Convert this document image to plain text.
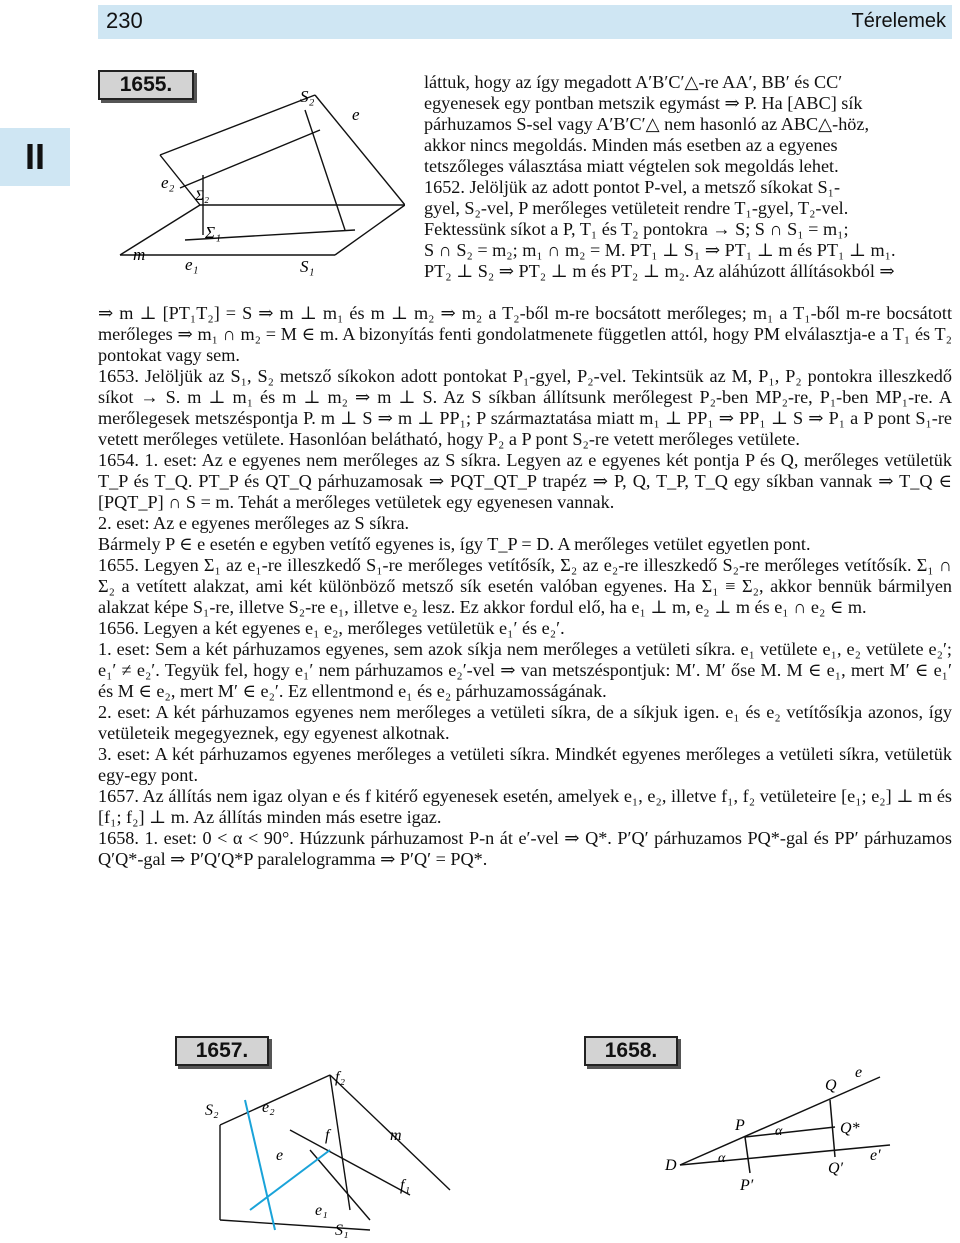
230	Térelemek
II
1655.
S₂
e
e₂
Σ₂
Σ₁
m
e₁	S₁

láttuk, hogy az így megadott A′B′C′△-re AA′, BB′ és CC′

egyenesek egy pontban metszik egymást ⇒ P. Ha [ABC] sík

párhuzamos S-sel vagy A′B′C′△ nem hasonló az ABC△-höz,

akkor nincs megoldás. Minden más esetben az a egyenes

tetszőleges választása miatt végtelen sok megoldás lehet.

1652. Jelöljük az adott pontot P-vel, a metsző síkokat S₁-

gyel, S₂-vel, P merőleges vetületeit rendre T₁-gyel, T₂-vel.

Fektessünk síkot a P, T₁ és T₂ pontokra → S; S ∩ S₁ = m₁;

S ∩ S₂ = m₂; m₁ ∩ m₂ = M. PT₁ ⊥ S₁ ⇒ PT₁ ⊥ m és PT₁ ⊥ m₁.

PT₂ ⊥ S₂ ⇒ PT₂ ⊥ m és PT₂ ⊥ m₂. Az aláhúzott állításokból ⇒

⇒ m ⊥ [PT₁T₂] = S ⇒ m ⊥ m₁ és m ⊥ m₂ ⇒ m₂ a T₂-ből m-re bocsátott merőleges; m₁ a T₁-ből m-re bocsátott merőleges ⇒ m₁ ∩ m₂ = M ∈ m. A bizonyítás fenti gondolatmenete független attól, hogy PM elválasztja-e a T₁ és T₂ pontokat vagy sem.

1653. Jelöljük az S₁, S₂ metsző síkokon adott pontokat P₁-gyel, P₂-vel. Tekintsük az M, P₁, P₂ pontokra illeszkedő síkot → S. m ⊥ m₁ és m ⊥ m₂ ⇒ m ⊥ S. Az S síkban állítsunk merőlegest P₂-ben MP₂-re, P₁-ben MP₁-re. A merőlegesek metszéspontja P. m ⊥ S ⇒ m ⊥ PP₁; P származtatása miatt m₁ ⊥ PP₁ ⇒ PP₁ ⊥ S ⇒ P₁ a P pont S₁-re vetett merőleges vetülete. Hasonlóan belátható, hogy P₂ a P pont S₂-re vetett merőleges vetülete.

1654. 1. eset: Az e egyenes nem merőleges az S síkra. Legyen az e egyenes két pontja P és Q, merőleges vetületük T_P és T_Q. PT_P és QT_Q párhuzamosak ⇒ PQT_QT_P trapéz ⇒ P, Q, T_P, T_Q egy síkban vannak ⇒ T_Q ∈ [PQT_P] ∩ S = m. Tehát a merőleges vetületek egy egyenesen vannak.

2. eset: Az e egyenes merőleges az S síkra.

Bármely P ∈ e esetén e egyben vetítő egyenes is, így T_P = D. A merőleges vetület egyetlen pont.

1655. Legyen Σ₁ az e₁-re illeszkedő S₁-re merőleges vetítősík, Σ₂ az e₂-re illeszkedő S₂-re merőleges vetítősík. Σ₁ ∩ Σ₂ a vetített alakzat, ami két különböző metsző sík esetén valóban egyenes. Ha Σ₁ ≡ Σ₂, akkor bennük bármilyen alakzat képe S₁-re, illetve S₂-re e₁, illetve e₂ lesz. Ez akkor fordul elő, ha e₁ ⊥ m, e₂ ⊥ m és e₁ ∩ e₂ ∈ m.

1656. Legyen a két egyenes e₁ e₂, merőleges vetületük e₁′ és e₂′.

1. eset: Sem a két párhuzamos egyenes, sem azok síkja nem merőleges a vetületi síkra. e₁ vetülete e₁, e₂ vetülete e₂′; e₁′ ≠ e₂′. Tegyük fel, hogy e₁′ nem párhuzamos e₂′-vel ⇒ van metszéspontjuk: M′. M′ őse M. M ∈ e₁, mert M′ ∈ e₁′ és M ∈ e₂, mert M′ ∈ e₂′. Ez ellentmond e₁ és e₂ párhuzamosságának.

2. eset: A két párhuzamos egyenes nem merőleges a vetületi síkra, de a síkjuk igen. e₁ és e₂ vetítősíkja azonos, így vetületeik megegyeznek, egy egyenest alkotnak.

3. eset: A két párhuzamos egyenes merőleges a vetületi síkra. Mindkét egyenes merőleges a vetületi síkra, vetületük egy-egy pont.

1657. Az állítás nem igaz olyan e és f kitérő egyenesek esetén, amelyek e₁, e₂, illetve f₁, f₂ vetületeire [e₁; e₂] ⊥ m és [f₁; f₂] ⊥ m. Az állítás minden más esetre igaz.

1658. 1. eset: 0 < α < 90°. Húzzunk párhuzamost P-n át e′-vel ⇒ Q*. P′Q′ párhuzamos PQ*-gal és PP′ párhuzamos Q′Q*-gal ⇒ P′Q′Q*P paralelogramma ⇒ P′Q′ = PQ*.

1657.	1658.
f₂
S₂	e₂
m
f
e
f₁
e₁
S₁
Q
e
P α	Q*
D	α	e′
Q′
P′
